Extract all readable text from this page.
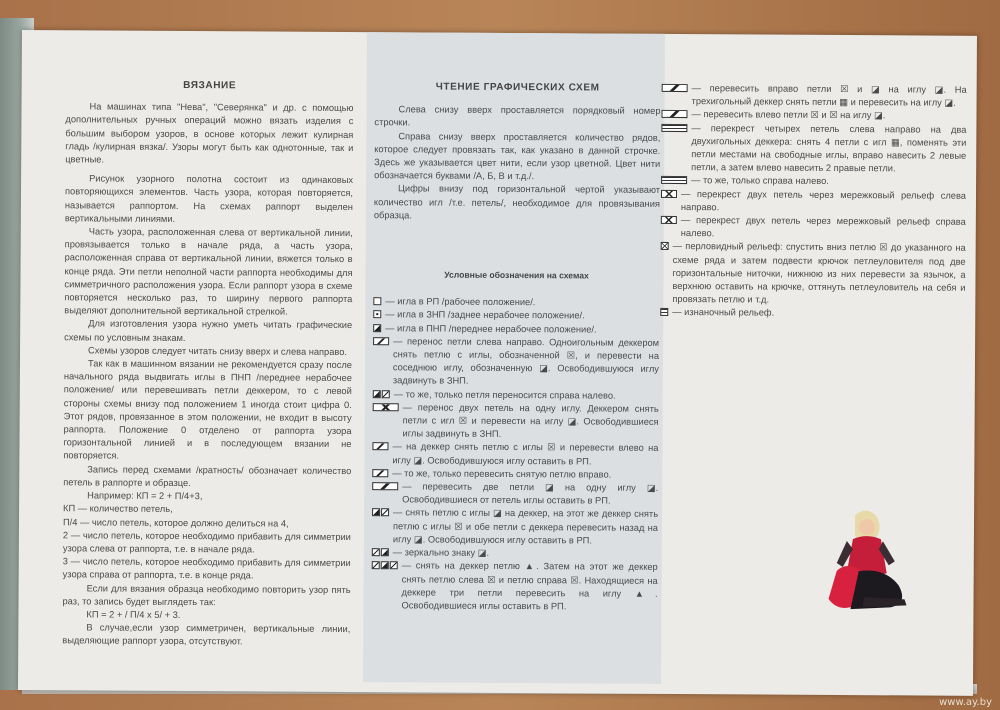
ВЯЗАНИЕ

На машинах типа "Нева", "Северянка" и др. с помощью дополнительных ручных операций можно вязать изделия с большим выбором узоров, в основе которых лежит кулирная гладь /кулирная вязка/. Узоры могут быть как однотонные, так и цветные.

Рисунок узорного полотна состоит из одинаковых повторяющихся элементов. Часть узора, которая повторяется, называется раппортом. На схемах раппорт выделен вертикальными линиями.

Часть узора, расположенная слева от вертикальной линии, провязывается только в начале ряда, а часть узора, расположенная справа от вертикальной линии, вяжется только в конце ряда. Эти петли неполной части раппорта необходимы для симметричного расположения узора. Если раппорт узора в схеме повторяется несколько раз, то ширину первого раппорта выделяют дополнительной вертикальной стрелкой.

Для изготовления узора нужно уметь читать графические схемы по условным знакам.

Схемы узоров следует читать снизу вверх и слева направо.

Так как в машинном вязании не рекомендуется сразу после начального ряда выдвигать иглы в ПНП /переднее нерабочее положение/ или перевешивать петли деккером, то с левой стороны схемы внизу под положением 1 иногда стоит цифра 0. Этот рядов, провязанное в этом положении, не входит в высоту раппорта. Положение 0 отделено от раппорта узора горизонтальной линией и в последующем вязании не повторяется.

Запись перед схемами /кратность/ обозначает количество петель в раппорте и образце.

Например: КП = 2 + П/4+3,

КП — количество петель,

П/4 — число петель, которое должно делиться на 4,

2 — число петель, которое необходимо прибавить для симметрии узора слева от раппорта, т.е. в начале ряда.

3 — число петель, которое необходимо прибавить для симметрии узора справа от раппорта, т.е. в конце ряда.

Если для вязания образца необходимо повторить узор пять раз, то запись будет выглядеть так:

КП = 2 + / П/4 х 5/ + 3.

В случае,если узор симметричен, вертикальные линии, выделяющие раппорт узора, отсутствуют.

ЧТЕНИЕ ГРАФИЧЕСКИХ СХЕМ

Слева снизу вверх проставляется порядковый номер строчки.

Справа снизу вверх проставляется количество рядов, которое следует провязать так, как указано в данной строчке. Здесь же указывается цвет нити, если узор цветной. Цвет нити обозначается буквами /А, Б, В и т.д./.

Цифры внизу под горизонтальной чертой указывают количество игл /т.е. петель/, необходимое для провязывания образца.

Условные обозначения на схемах
— игла в РП /рабочее положение/.
— игла в ЗНП /заднее нерабочее положение/.
— игла в ПНП /переднее нерабочее положение/.
— перенос петли слева направо. Одноигольным деккером снять петлю с иглы, обозначенной ☒, и перевести на соседнюю иглу, обозначенную ◪. Освободившуюся иглу задвинуть в ЗНП.
— то же, только петля переносится справа налево.
— перенос двух петель на одну иглу. Деккером снять петли с игл ☒ и перевести на иглу ◪. Освободившиеся иглы задвинуть в ЗНП.
— на деккер снять петлю с иглы ☒ и перевести влево на иглу ◪. Освободившуюся иглу оставить в РП.
— то же, только перевесить снятую петлю вправо.
— перевесить две петли ◪ на одну иглу ◪. Освободившиеся от петель иглы оставить в РП.
— снять петлю с иглы ◪ на деккер, на этот же деккер снять петлю с иглы ☒ и обе петли с деккера перевесить назад на иглу ◪. Освободившуюся иглу оставить в РП.
— зеркально знаку ◪.
— снять на деккер петлю ▲. Затем на этот же деккер снять петлю слева ☒ и петлю справа ☒. Находящиеся на деккере три петли перевесить на иглу ▲. Освободившиеся иглы оставить в РП.
— перевесить вправо петли ☒ и ◪ на иглу ◪. На трехигольный деккер снять петли ▦ и перевесить на иглу ◪.
— перевесить влево петли ☒ и ☒ на иглу ◪.
— перекрест четырех петель слева направо на два двухигольных деккера: снять 4 петли с игл ▦, поменять эти петли местами на свободные иглы, вправо навесить 2 левые петли, а затем влево навесить 2 правые петли.
— то же, только справа налево.
— перекрест двух петель через мережковый рельеф слева направо.
— перекрест двух петель через мережковый рельеф справа налево.
— перловидный рельеф: спустить вниз петлю ☒ до указанного на схеме ряда и затем подвести крючок петлеуловителя под две горизонтальные ниточки, нижнюю из них перевести за язычок, а верхнюю оставить на крючке, оттянуть петлеуловитель на себя и провязать петлю и т.д.
— изнаночный рельеф.
www.ay.by
